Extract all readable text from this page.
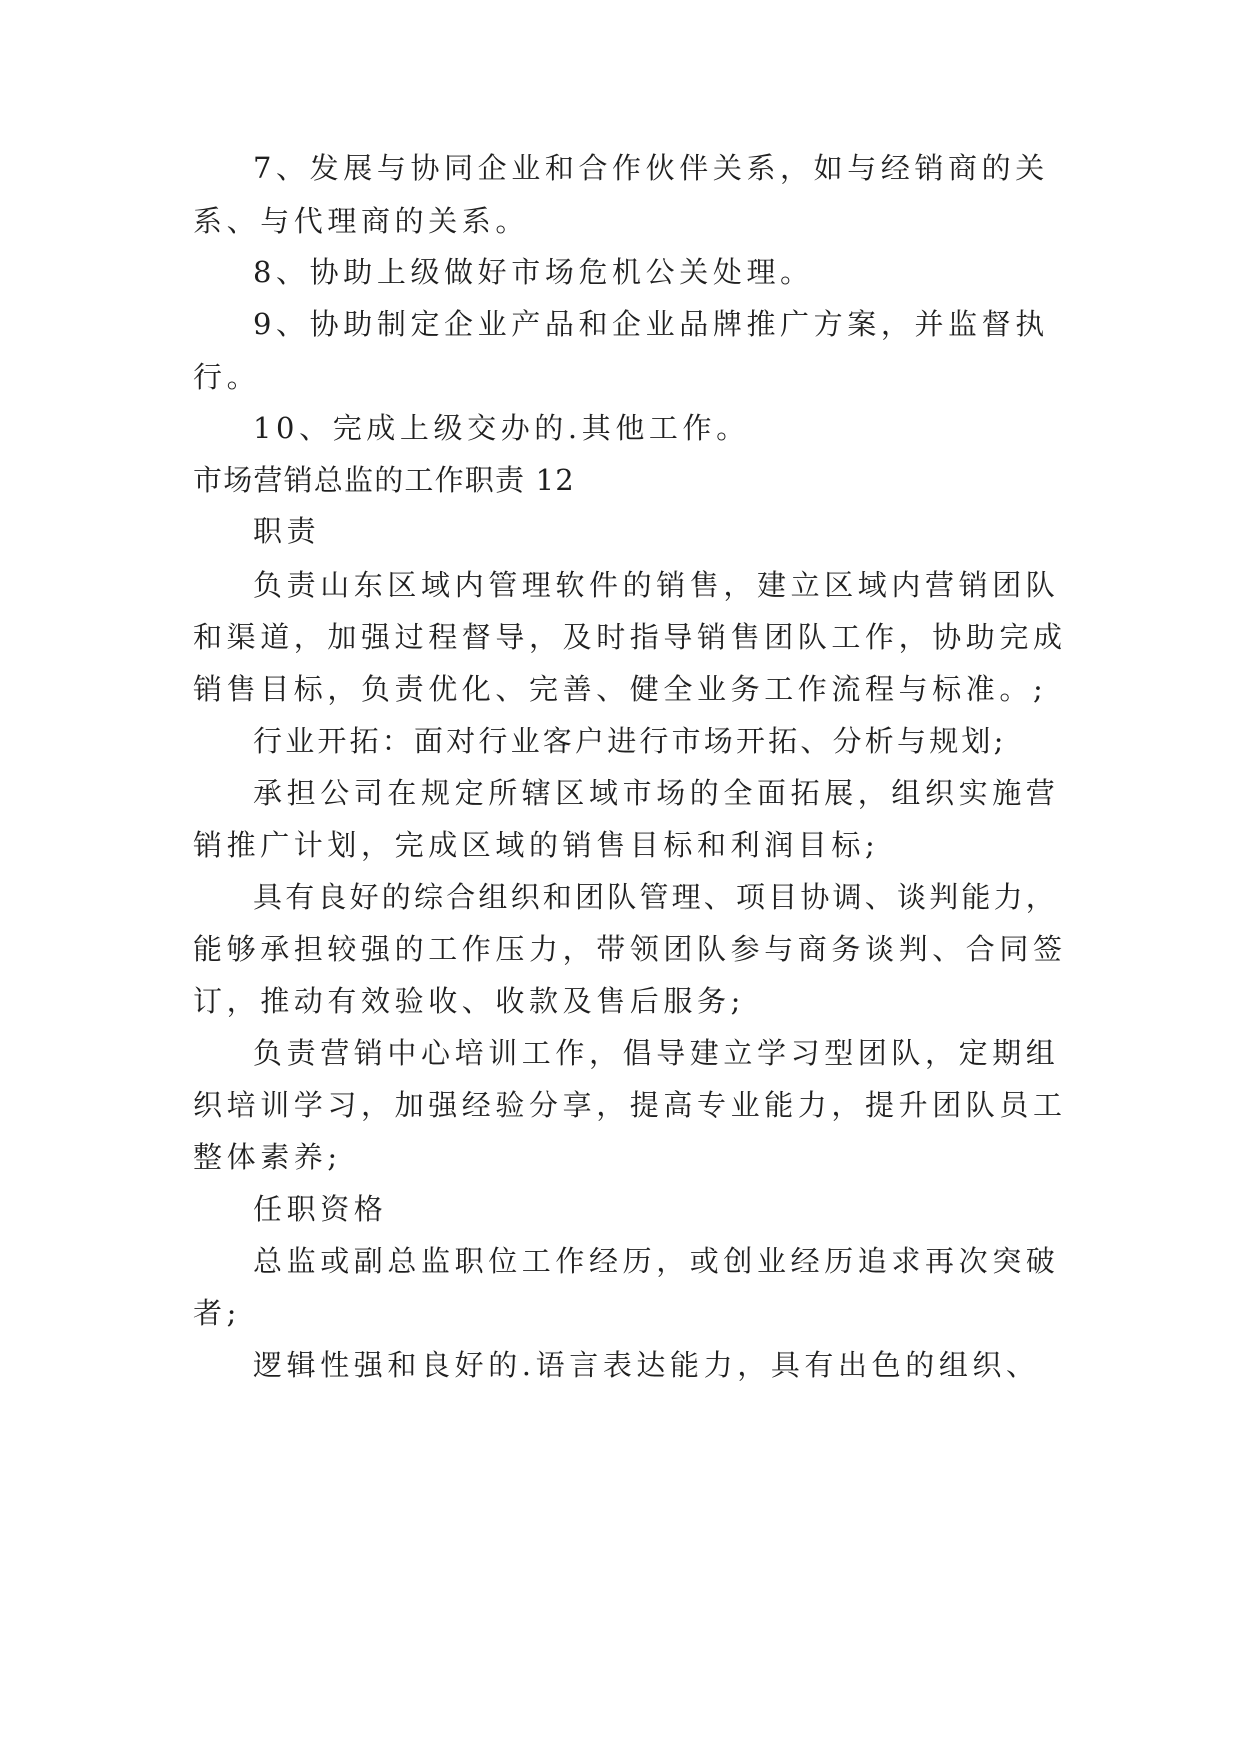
7、发展与协同企业和合作伙伴关系，如与经销商的关
系、与代理商的关系。
8、协助上级做好市场危机公关处理。
9、协助制定企业产品和企业品牌推广方案，并监督执
行。
10、完成上级交办的.其他工作。
市场营销总监的工作职责 12
职责
负责山东区域内管理软件的销售，建立区域内营销团队
和渠道，加强过程督导，及时指导销售团队工作，协助完成
销售目标，负责优化、完善、健全业务工作流程与标准。;
行业开拓：面对行业客户进行市场开拓、分析与规划;
承担公司在规定所辖区域市场的全面拓展，组织实施营
销推广计划，完成区域的销售目标和利润目标;
具有良好的综合组织和团队管理、项目协调、谈判能力，
能够承担较强的工作压力，带领团队参与商务谈判、合同签
订，推动有效验收、收款及售后服务;
负责营销中心培训工作，倡导建立学习型团队，定期组
织培训学习，加强经验分享，提高专业能力，提升团队员工
整体素养;
任职资格
总监或副总监职位工作经历，或创业经历追求再次突破
者;
逻辑性强和良好的.语言表达能力，具有出色的组织、
